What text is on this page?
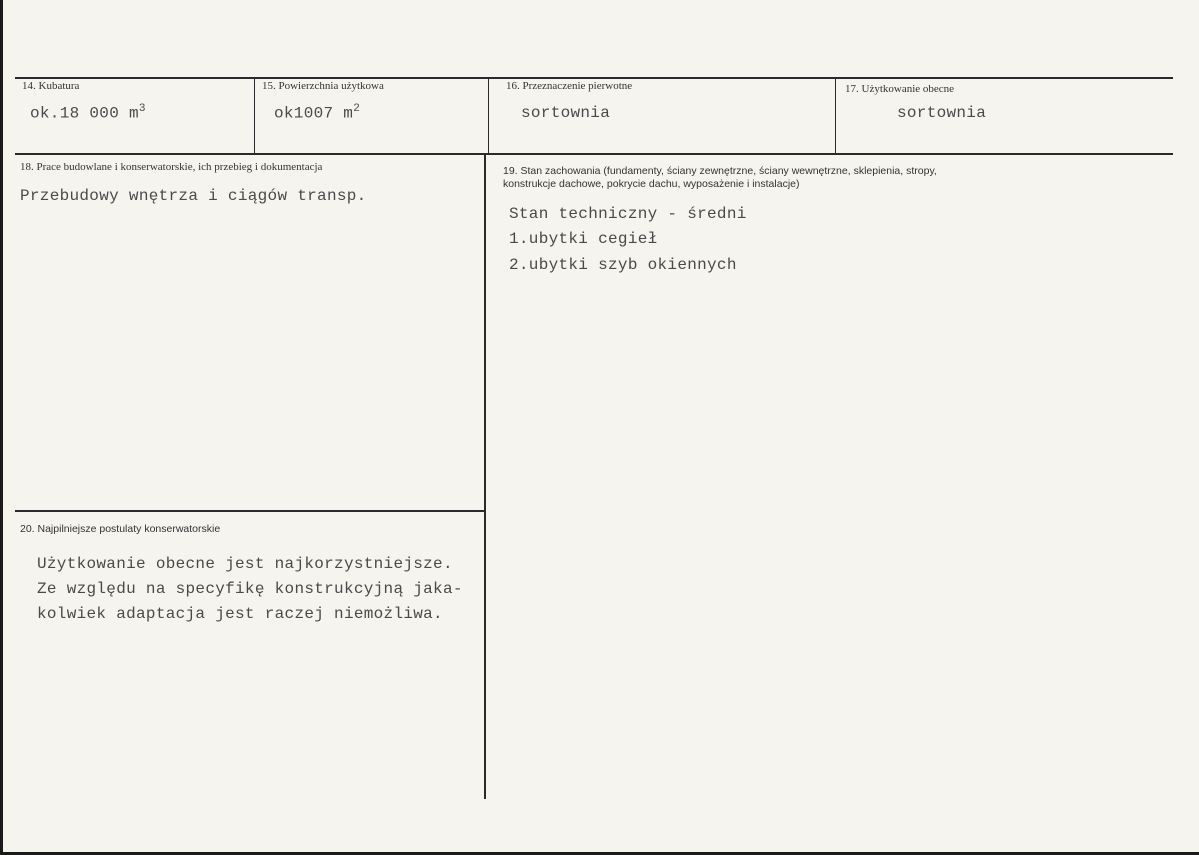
14. Kubatura
ok.18 000 $m^3$
15. Powierzchnia użytkowa
ok1007 $m^2$
16. Przeznaczenie pierwotne
sortownia
17. Użytkowanie obecne
sortownia
18. Prace budowlane i konserwatorskie, ich przebieg i dokumentacja
Przebudowy wnętrza i ciągów transp.
19. Stan zachowania (fundamenty, ściany zewnętrzne, ściany wewnętrzne, sklepienia, stropy,
konstrukcje dachowe, pokrycie dachu, wyposażenie i instalacje)
Stan techniczny - średni
1.ubytki cegieł
2.ubytki szyb okiennych
20. Najpilniejsze postulaty konserwatorskie
Użytkowanie obecne jest najkorzystniejsze.
Ze względu na specyfikę konstrukcyjną jaka-
kolwiek adaptacja jest raczej niemożliwa.
